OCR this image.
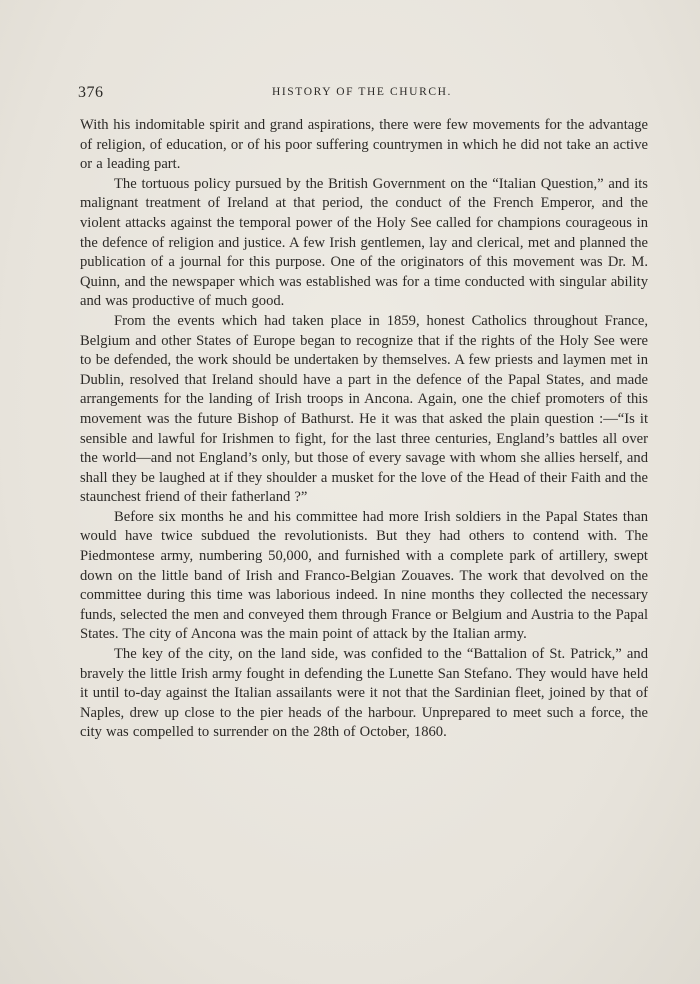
376	HISTORY OF THE CHURCH.

With his indomitable spirit and grand aspirations, there were few movements for the advantage of religion, of education, or of his poor suffering countrymen in which he did not take an active or a leading part.

The tortuous policy pursued by the British Government on the “Italian Question,” and its malignant treatment of Ireland at that period, the conduct of the French Emperor, and the violent attacks against the temporal power of the Holy See called for champions courageous in the defence of religion and justice. A few Irish gentlemen, lay and clerical, met and planned the publication of a journal for this purpose. One of the originators of this movement was Dr. M. Quinn, and the newspaper which was established was for a time conducted with singular ability and was productive of much good.

From the events which had taken place in 1859, honest Catholics throughout France, Belgium and other States of Europe began to recognize that if the rights of the Holy See were to be defended, the work should be undertaken by themselves. A few priests and laymen met in Dublin, resolved that Ireland should have a part in the defence of the Papal States, and made arrangements for the landing of Irish troops in Ancona. Again, one the chief promoters of this movement was the future Bishop of Bathurst. He it was that asked the plain question :—“Is it sensible and lawful for Irishmen to fight, for the last three centuries, England’s battles all over the world—and not England’s only, but those of every savage with whom she allies herself, and shall they be laughed at if they shoulder a musket for the love of the Head of their Faith and the staunchest friend of their fatherland ?”

Before six months he and his committee had more Irish soldiers in the Papal States than would have twice subdued the revolutionists. But they had others to contend with. The Piedmontese army, numbering 50,000, and furnished with a complete park of artillery, swept down on the little band of Irish and Franco-Belgian Zouaves. The work that devolved on the committee during this time was laborious indeed. In nine months they collected the necessary funds, selected the men and conveyed them through France or Belgium and Austria to the Papal States. The city of Ancona was the main point of attack by the Italian army.

The key of the city, on the land side, was confided to the “Battalion of St. Patrick,” and bravely the little Irish army fought in defending the Lunette San Stefano. They would have held it until to-day against the Italian assailants were it not that the Sardinian fleet, joined by that of Naples, drew up close to the pier heads of the harbour. Unprepared to meet such a force, the city was compelled to surrender on the 28th of October, 1860.
